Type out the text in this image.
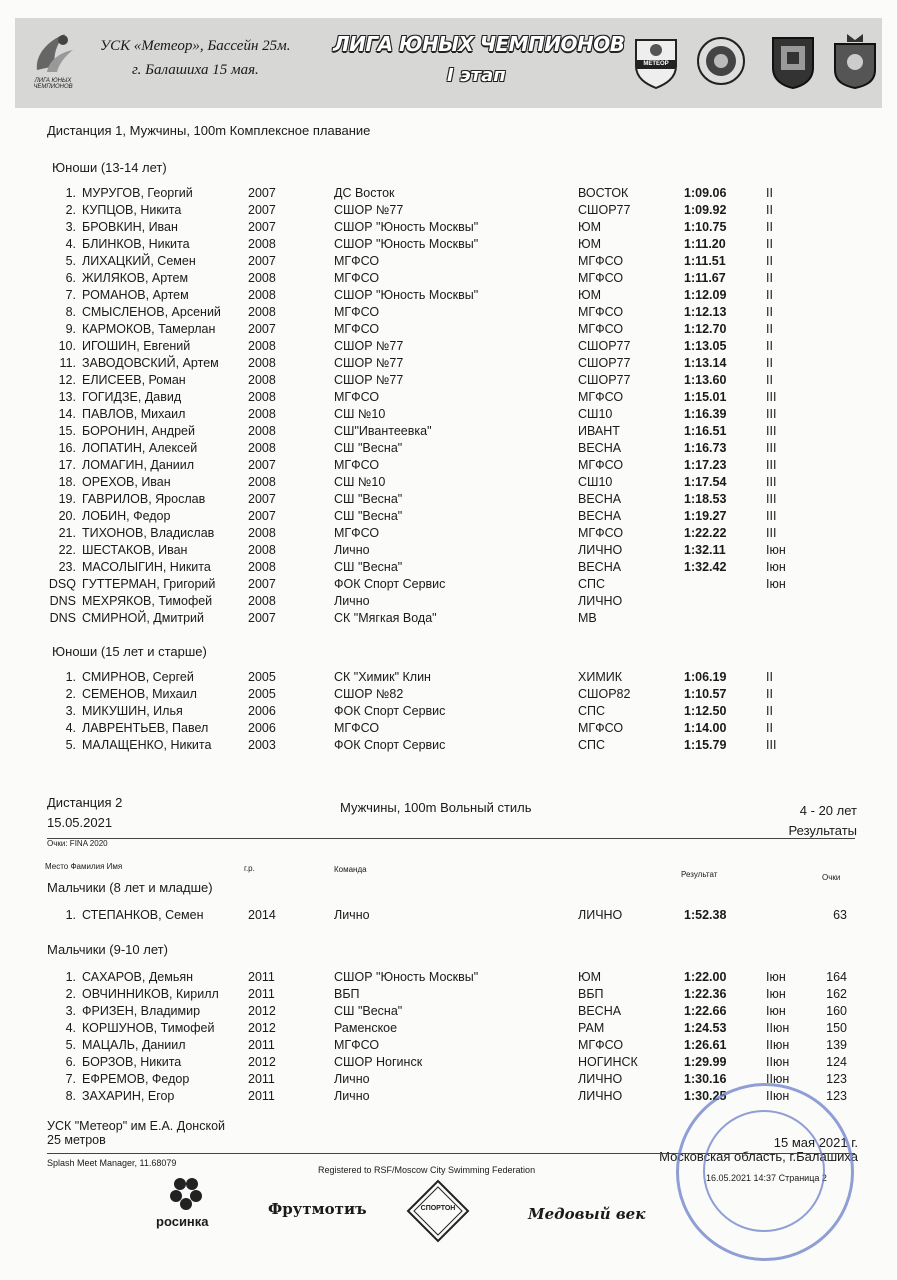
ЛИГА ЮНЫХ ЧЕМПИОНОВ
УСК «Метеор», Бассейн 25м.
г. Балашиха 15 мая.
ЛИГА ЮНЫХ ЧЕМПИОНОВ
I этап
МЕТЕОР
Дистанция 1, Мужчины, 100m Комплексное плавание
Юноши (13-14 лет)
1. МУРУГОВ, Георгий	2007	ДС Восток	ВОСТОК	1:09.06	II
2. КУПЦОВ, Никита	2007	СШОР №77	СШОР77	1:09.92	II
3. БРОВКИН, Иван	2007	СШОР "Юность Москвы"	ЮМ	1:10.75	II
4. БЛИНКОВ, Никита	2008	СШОР "Юность Москвы"	ЮМ	1:11.20	II
5. ЛИХАЦКИЙ, Семен	2007	МГФСО	МГФСО	1:11.51	II
6. ЖИЛЯКОВ, Артем	2008	МГФСО	МГФСО	1:11.67	II
7. РОМАНОВ, Артем	2008	СШОР "Юность Москвы"	ЮМ	1:12.09	II
8. СМЫСЛЕНОВ, Арсений 2008	МГФСО	МГФСО	1:12.13	II
9. КАРМОКОВ, Тамерлан	2007	МГФСО	МГФСО	1:12.70	II
10. ИГОШИН, Евгений	2008	СШОР №77	СШОР77	1:13.05	II
11. ЗАВОДОВСКИЙ, Артем 2008	СШОР №77	СШОР77	1:13.14	II
12. ЕЛИСЕЕВ, Роман	2008	СШОР №77	СШОР77	1:13.60	II
13. ГОГИДЗЕ, Давид	2008	МГФСО	МГФСО	1:15.01	III
14. ПАВЛОВ, Михаил	2008	СШ №10	СШ10	1:16.39	III
15. БОРОНИН, Андрей	2008	СШ"Ивантеевка"	ИВАНТ	1:16.51	III
16. ЛОПАТИН, Алексей	2008	СШ "Весна"	ВЕСНА	1:16.73	III
17. ЛОМАГИН, Даниил	2007	МГФСО	МГФСО	1:17.23	III
18. ОРЕХОВ, Иван	2008	СШ №10	СШ10	1:17.54	III
19. ГАВРИЛОВ, Ярослав	2007	СШ "Весна"	ВЕСНА	1:18.53	III
20. ЛОБИН, Федор	2007	СШ "Весна"	ВЕСНА	1:19.27	III
21. ТИХОНОВ, Владислав	2008	МГФСО	МГФСО	1:22.22	III
22. ШЕСТАКОВ, Иван	2008	Лично	ЛИЧНО	1:32.11	Iюн
23. МАСОЛЫГИН, Никита	2008	СШ "Весна"	ВЕСНА	1:32.42	Iюн
DSQ ГУТТЕРМАН, Григорий	2007	ФОК Спорт Сервис	СПС	Iюн
DNS МЕХРЯКОВ, Тимофей	2008	Лично	ЛИЧНО
DNS СМИРНОЙ, Дмитрий	2007	СК "Мягкая Вода"	МВ
Юноши (15 лет и старше)
1. СМИРНОВ, Сергей	2005	СК "Химик" Клин	ХИМИК	1:06.19	II
2. СЕМЕНОВ, Михаил	2005	СШОР №82	СШОР82	1:10.57	II
3. МИКУШИН, Илья	2006	ФОК Спорт Сервис	СПС	1:12.50	II
4. ЛАВРЕНТЬЕВ, Павел	2006	МГФСО	МГФСО	1:14.00	II
5. МАЛАЩЕНКО, Никита	2003	ФОК Спорт Сервис	СПС	1:15.79	III
Дистанция 2
15.05.2021
Мужчины, 100m Вольный стиль	4 - 20 лет
Результаты
Очки: FINA 2020
Место Фамилия Имя	г.р.	Команда
Результат	Очки
Мальчики (8 лет и младше)
1. СТЕПАНКОВ, Семен	2014	Лично	ЛИЧНО	1:52.38	63
Мальчики (9-10 лет)
1. САХАРОВ, Демьян	2011	СШОР "Юность Москвы"	ЮМ	1:22.00	Iюн	164
2. ОВЧИННИКОВ, Кирилл 2011	ВБП	ВБП	1:22.36	Iюн	162
3. ФРИЗЕН, Владимир	2012	СШ "Весна"	ВЕСНА	1:22.66	Iюн	160
4. КОРШУНОВ, Тимофей	2012	Раменское	РАМ	1:24.53	IIюн	150
5. МАЦАЛЬ, Даниил	2011	МГФСО	МГФСО	1:26.61	IIюн	139
6. БОРЗОВ, Никита	2012	СШОР Ногинск	НОГИНСК	1:29.99	IIюн	124
7. ЕФРЕМОВ, Федор	2011	Лично	ЛИЧНО	1:30.16	IIюн	123
8. ЗАХАРИН, Егор	2011	Лично	ЛИЧНО	1:30.25	IIюн	123
УСК "Метеор" им Е.А. Донской
25 метров	15 мая 2021 г.
Московская область, г.Балашиха
Splash Meet Manager, 11.68079
Registered to RSF/Moscow City Swimming Federation
16.05.2021 14:37 Страница 2
росинка
Фрутмотиъ	СПОРТОН	Медовый век
